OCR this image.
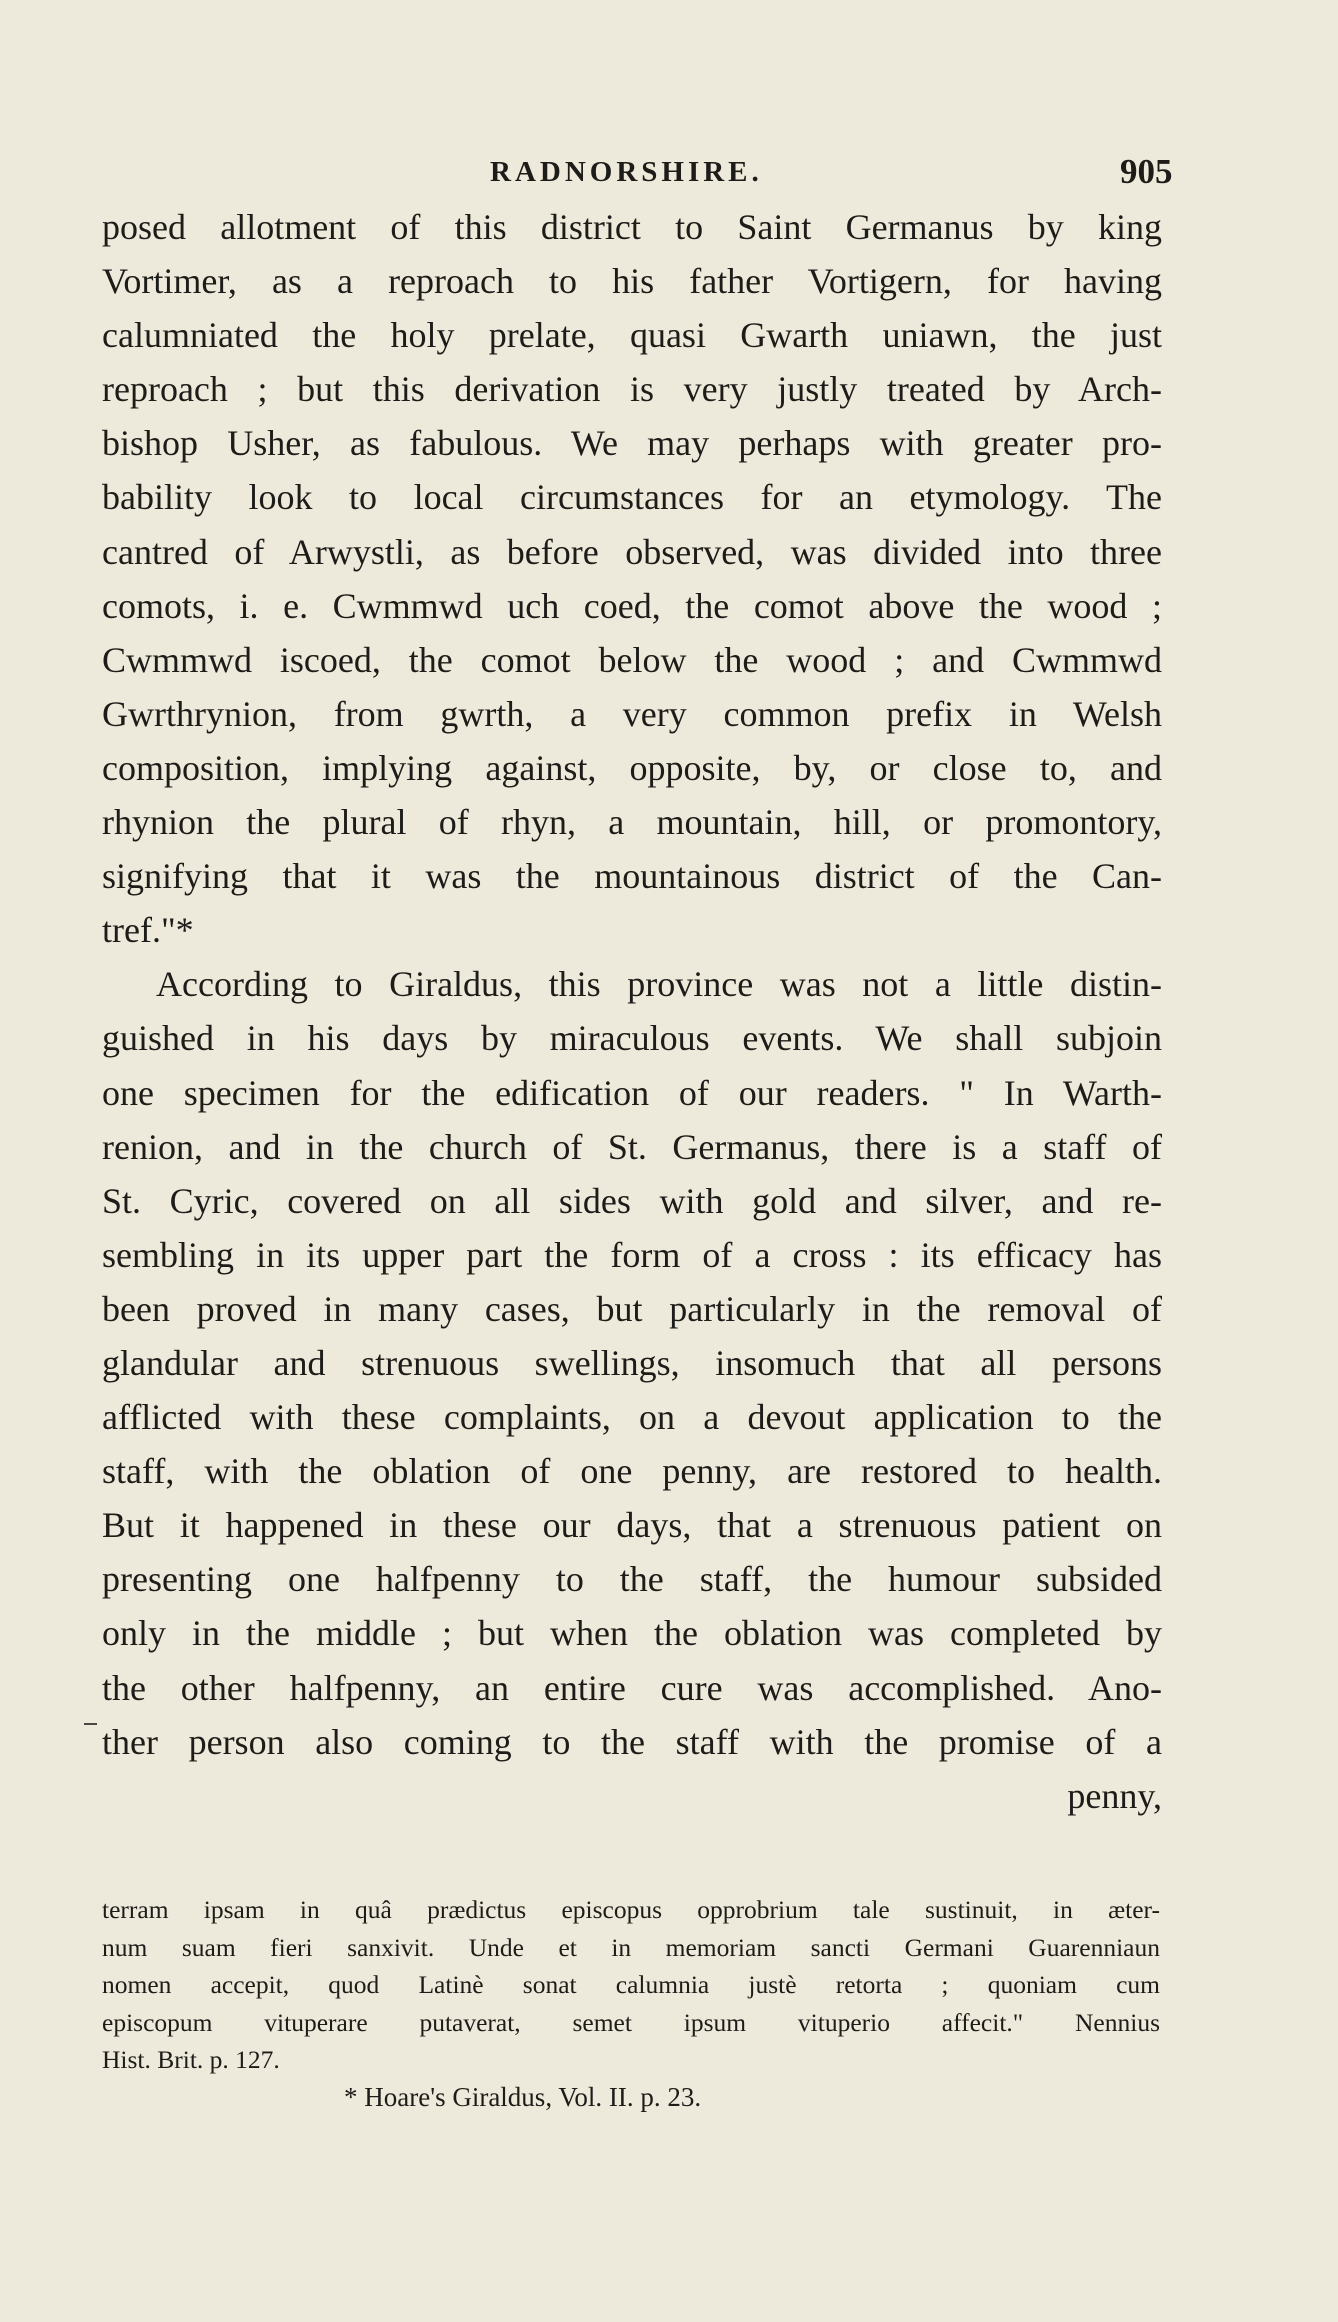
RADNORSHIRE.	905
posed allotment of this district to Saint Germanus by king
Vortimer, as a reproach to his father Vortigern, for having
calumniated the holy prelate, quasi Gwarth uniawn, the just
reproach ; but this derivation is very justly treated by Arch-
bishop Usher, as fabulous. We may perhaps with greater pro-
bability look to local circumstances for an etymology. The
cantred of Arwystli, as before observed, was divided into three
comots, i. e. Cwmmwd uch coed, the comot above the wood ;
Cwmmwd iscoed, the comot below the wood ; and Cwmmwd
Gwrthrynion, from gwrth, a very common prefix in Welsh
composition, implying against, opposite, by, or close to, and
rhynion the plural of rhyn, a mountain, hill, or promontory,
signifying that it was the mountainous district of the Can-
tref."*
According to Giraldus, this province was not a little distin-
guished in his days by miraculous events. We shall subjoin
one specimen for the edification of our readers. " In Warth-
renion, and in the church of St. Germanus, there is a staff of
St. Cyric, covered on all sides with gold and silver, and re-
sembling in its upper part the form of a cross : its efficacy has
been proved in many cases, but particularly in the removal of
glandular and strenuous swellings, insomuch that all persons
afflicted with these complaints, on a devout application to the
staff, with the oblation of one penny, are restored to health.
But it happened in these our days, that a strenuous patient on
presenting one halfpenny to the staff, the humour subsided
only in the middle ; but when the oblation was completed by
the other halfpenny, an entire cure was accomplished. Ano-
ther person also coming to the staff with the promise of a
penny,
terram ipsam in quâ prædictus episcopus opprobrium tale sustinuit, in æter-
num suam fieri sanxivit. Unde et in memoriam sancti Germani Guarenniaun
nomen accepit, quod Latinè sonat calumnia justè retorta ; quoniam cum
episcopum vituperare putaverat, semet ipsum vituperio affecit." Nennius
Hist. Brit. p. 127.
* Hoare's Giraldus, Vol. II. p. 23.
